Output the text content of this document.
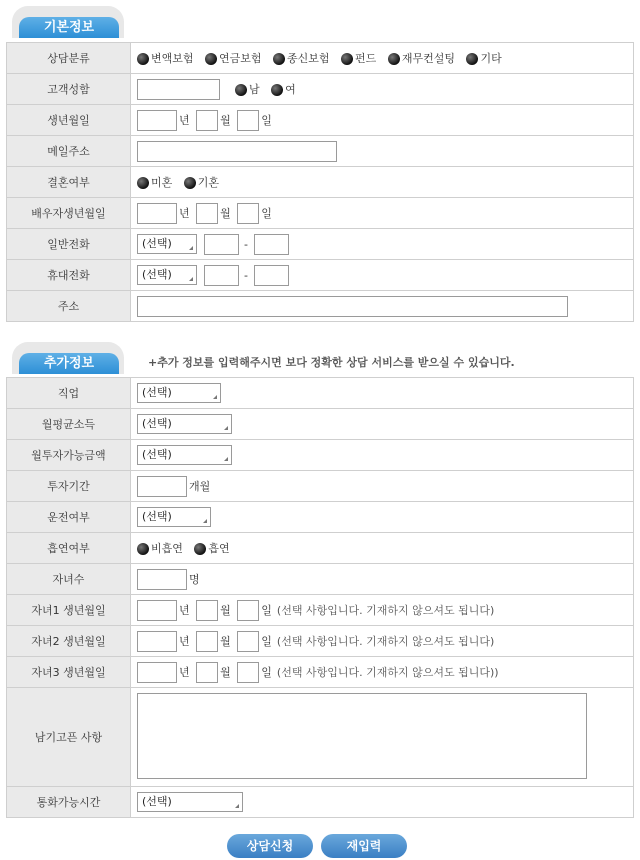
기본정보
상담분류	변액보험 연금보험 종신보험 펀드 재무컨설팅 기타
고객성함	남 여
생년월일	년 월 일
메일주소	
결혼여부	미혼 기혼
배우자생년월일	년 월 일
일반전화	(선택) -
휴대전화	(선택) -
주소	
추가정보	+추가 정보를 입력해주시면 보다 정확한 상담 서비스를 받으실 수 있습니다.
직업	(선택)

월평균소득	(선택)

월투자가능금액	(선택)

투자기간	개월
운전여부	(선택)

흡연여부	비흡연 흡연
자녀수	명
자녀1 생년월일	년 월 일 (선택 사항입니다. 기재하지 않으셔도 됩니다)
자녀2 생년월일	년 월 일 (선택 사항입니다. 기재하지 않으셔도 됩니다)
자녀3 생년월일	년 월 일 (선택 사항입니다. 기재하지 않으셔도 됩니다))
남기고픈 사항	
통화가능시간	(선택)
상담신청	재입력
